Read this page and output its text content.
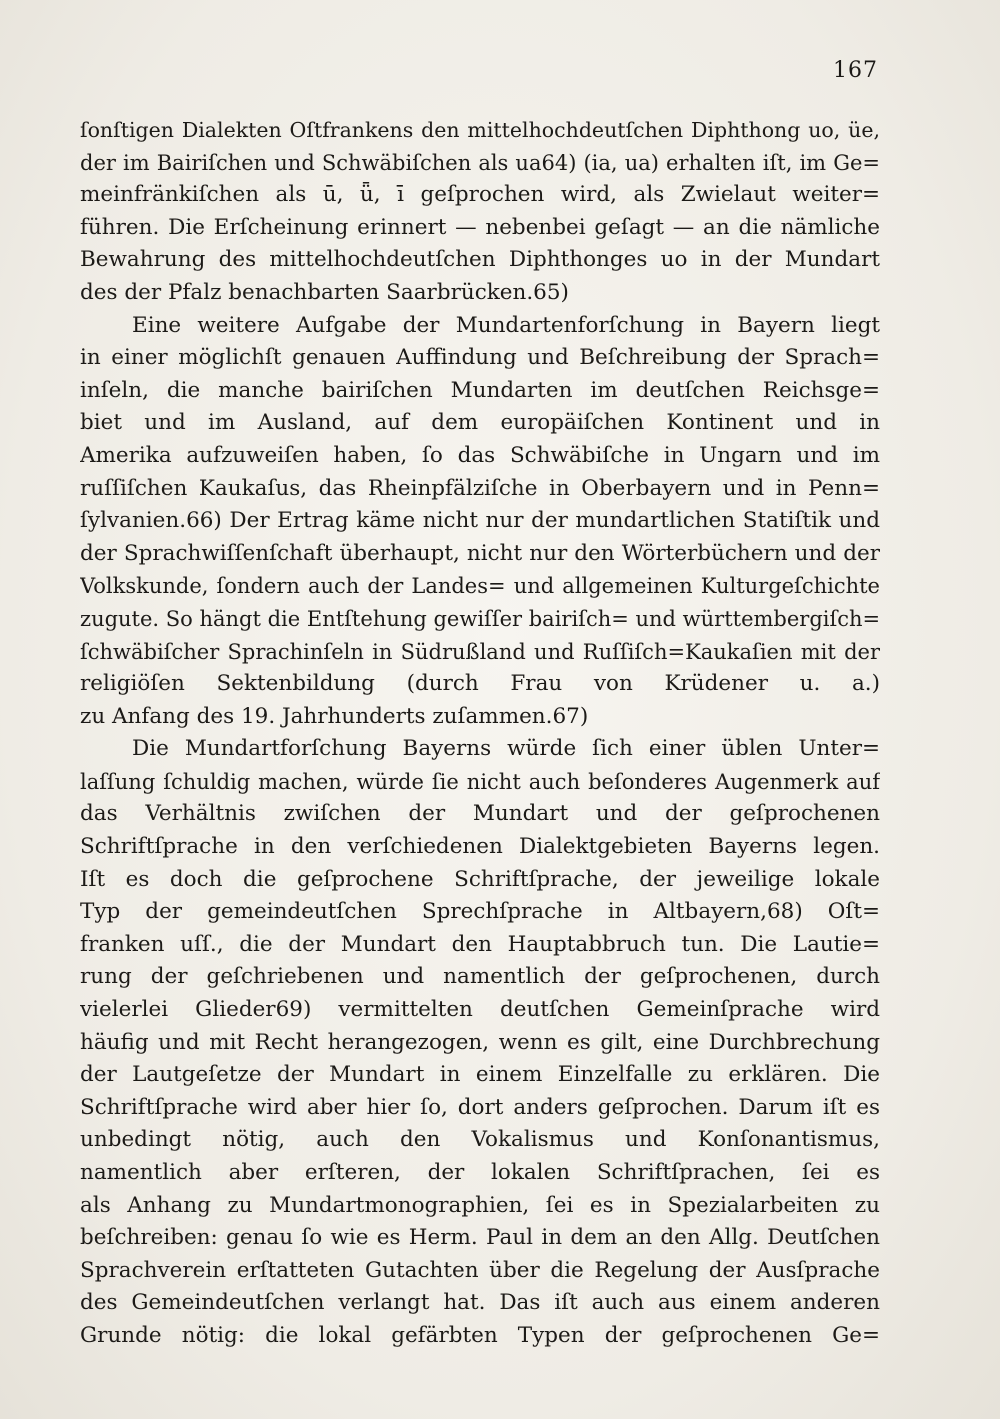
167
ſonſtigen Dialekten Oſtfrankens den mittelhochdeutſchen Diphthong uo, üe,
der im Bairiſchen und Schwäbiſchen als ua64) (ia, ua) erhalten iſt, im Ge=
meinfränkiſchen als ū, ǖ, ī geſprochen wird, als Zwielaut weiter=
führen. Die Erſcheinung erinnert — nebenbei geſagt — an die nämliche
Bewahrung des mittelhochdeutſchen Diphthonges uo in der Mundart
des der Pfalz benachbarten Saarbrücken.65)
Eine weitere Aufgabe der Mundartenforſchung in Bayern liegt
in einer möglichſt genauen Auffindung und Beſchreibung der Sprach=
inſeln, die manche bairiſchen Mundarten im deutſchen Reichsge=
biet und im Ausland, auf dem europäiſchen Kontinent und in
Amerika aufzuweiſen haben, ſo das Schwäbiſche in Ungarn und im
ruſſiſchen Kaukaſus, das Rheinpfälziſche in Oberbayern und in Penn=
ſylvanien.66) Der Ertrag käme nicht nur der mundartlichen Statiſtik und
der Sprachwiſſenſchaft überhaupt, nicht nur den Wörterbüchern und der
Volkskunde, ſondern auch der Landes= und allgemeinen Kulturgeſchichte
zugute. So hängt die Entſtehung gewiſſer bairiſch= und württembergiſch=
ſchwäbiſcher Sprachinſeln in Südrußland und Ruſſiſch=Kaukaſien mit der
religiöſen Sektenbildung (durch Frau von Krüdener u. a.)
zu Anfang des 19. Jahrhunderts zuſammen.67)
Die Mundartforſchung Bayerns würde ſich einer üblen Unter=
laſſung ſchuldig machen, würde ſie nicht auch beſonderes Augenmerk auf
das Verhältnis zwiſchen der Mundart und der geſprochenen
Schriftſprache in den verſchiedenen Dialektgebieten Bayerns legen.
Iſt es doch die geſprochene Schriftſprache, der jeweilige lokale
Typ der gemeindeutſchen Sprechſprache in Altbayern,68) Oſt=
franken uſſ., die der Mundart den Hauptabbruch tun. Die Lautie=
rung der geſchriebenen und namentlich der geſprochenen, durch
vielerlei Glieder69) vermittelten deutſchen Gemeinſprache wird
häufig und mit Recht herangezogen, wenn es gilt, eine Durchbrechung
der Lautgeſetze der Mundart in einem Einzelfalle zu erklären. Die
Schriftſprache wird aber hier ſo, dort anders geſprochen. Darum iſt es
unbedingt nötig, auch den Vokalismus und Konſonantismus,
namentlich aber erſteren, der lokalen Schriftſprachen, ſei es
als Anhang zu Mundartmonographien, ſei es in Spezialarbeiten zu
beſchreiben: genau ſo wie es Herm. Paul in dem an den Allg. Deutſchen
Sprachverein erſtatteten Gutachten über die Regelung der Ausſprache
des Gemeindeutſchen verlangt hat. Das iſt auch aus einem anderen
Grunde nötig: die lokal gefärbten Typen der geſprochenen Ge=
